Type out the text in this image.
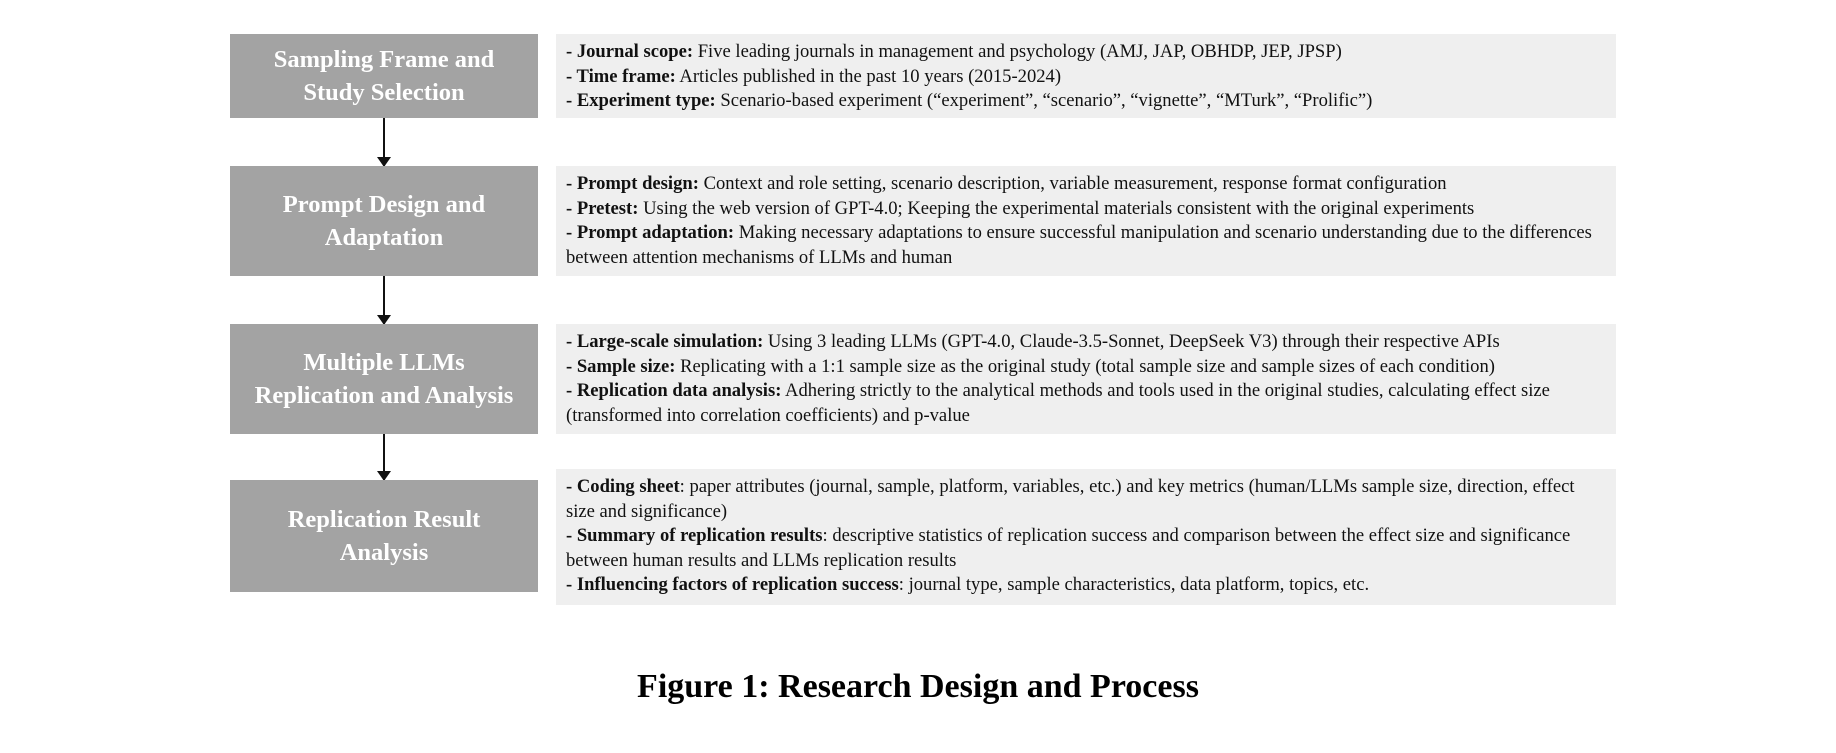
Sampling Frame and
Study Selection
- Journal scope: Five leading journals in management and psychology (AMJ, JAP, OBHDP, JEP, JPSP)
- Time frame: Articles published in the past 10 years (2015-2024)
- Experiment type: Scenario-based experiment (“experiment”, “scenario”, “vignette”, “MTurk”, “Prolific”)
Prompt Design and
Adaptation
- Prompt design: Context and role setting, scenario description, variable measurement, response format configuration
- Pretest: Using the web version of GPT-4.0; Keeping the experimental materials consistent with the original experiments
- Prompt adaptation: Making necessary adaptations to ensure successful manipulation and scenario understanding due to the differences between attention mechanisms of LLMs and human
Multiple LLMs
Replication and Analysis
- Large-scale simulation: Using 3 leading LLMs (GPT-4.0, Claude-3.5-Sonnet, DeepSeek V3) through their respective APIs
- Sample size: Replicating with a 1:1 sample size as the original study (total sample size and sample sizes of each condition)
- Replication data analysis: Adhering strictly to the analytical methods and tools used in the original studies, calculating effect size (transformed into correlation coefficients) and p-value
Replication Result
Analysis
- Coding sheet: paper attributes (journal, sample, platform, variables, etc.) and key metrics (human/LLMs sample size, direction, effect size and significance)
- Summary of replication results: descriptive statistics of replication success and comparison between the effect size and significance between human results and LLMs replication results
- Influencing factors of replication success: journal type, sample characteristics, data platform, topics, etc.
Figure 1: Research Design and Process
